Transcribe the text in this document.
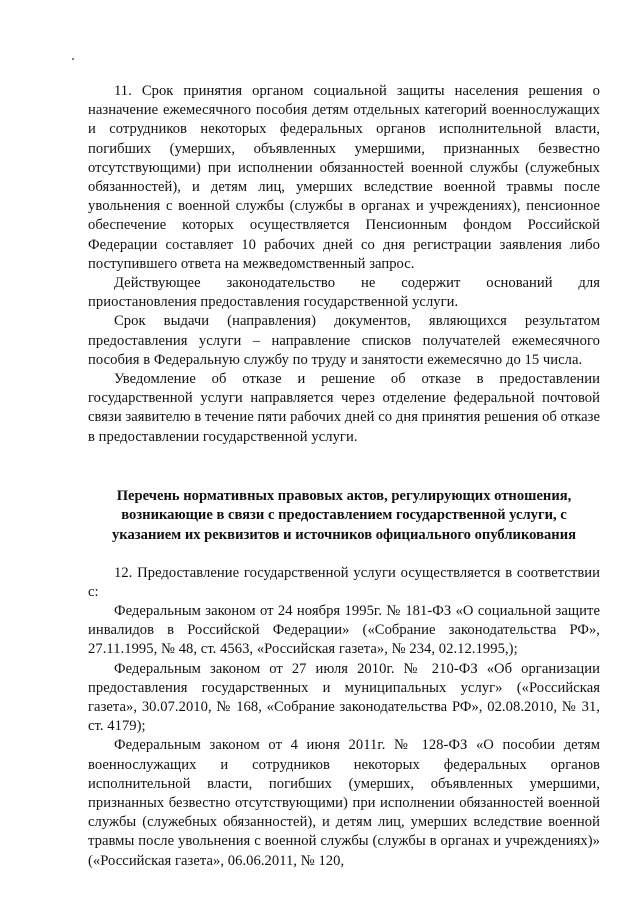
11. Срок принятия органом социальной защиты населения решения о назначение ежемесячного пособия детям отдельных категорий военнослужащих и сотрудников некоторых федеральных органов исполнительной власти, погибших (умерших, объявленных умершими, признанных безвестно отсутствующими) при исполнении обязанностей военной службы (служебных обязанностей), и детям лиц, умерших вследствие военной травмы после увольнения с военной службы (службы в органах и учреждениях), пенсионное обеспечение которых осуществляется Пенсионным фондом Российской Федерации составляет 10 рабочих дней со дня регистрации заявления либо поступившего ответа на межведомственный запрос.

Действующее законодательство не содержит оснований для приостановления предоставления государственной услуги.

Срок выдачи (направления) документов, являющихся результатом предоставления услуги – направление списков получателей ежемесячного пособия в Федеральную службу по труду и занятости ежемесячно до 15 числа.

Уведомление об отказе и решение об отказе в предоставлении государственной услуги направляется через отделение федеральной почтовой связи заявителю в течение пяти рабочих дней со дня принятия решения об отказе в предоставлении государственной услуги.

Перечень нормативных правовых актов, регулирующих отношения, возникающие в связи с предоставлением государственной услуги, с указанием их реквизитов и источников официального опубликования

12. Предоставление государственной услуги осуществляется в соответствии с:

Федеральным законом от 24 ноября 1995г. № 181-ФЗ «О социальной защите инвалидов в Российской Федерации» («Собрание законодательства РФ», 27.11.1995, № 48, ст. 4563, «Российская газета», № 234, 02.12.1995,);

Федеральным законом от 27 июля 2010г. № 210-ФЗ «Об организации предоставления государственных и муниципальных услуг» («Российская газета», 30.07.2010, № 168, «Собрание законодательства РФ», 02.08.2010, № 31, ст. 4179);

Федеральным законом от 4 июня 2011г. № 128-ФЗ «О пособии детям военнослужащих и сотрудников некоторых федеральных органов исполнительной власти, погибших (умерших, объявленных умершими, признанных безвестно отсутствующими) при исполнении обязанностей военной службы (служебных обязанностей), и детям лиц, умерших вследствие военной травмы после увольнения с военной службы (службы в органах и учреждениях)» («Российская газета», 06.06.2011, № 120,
